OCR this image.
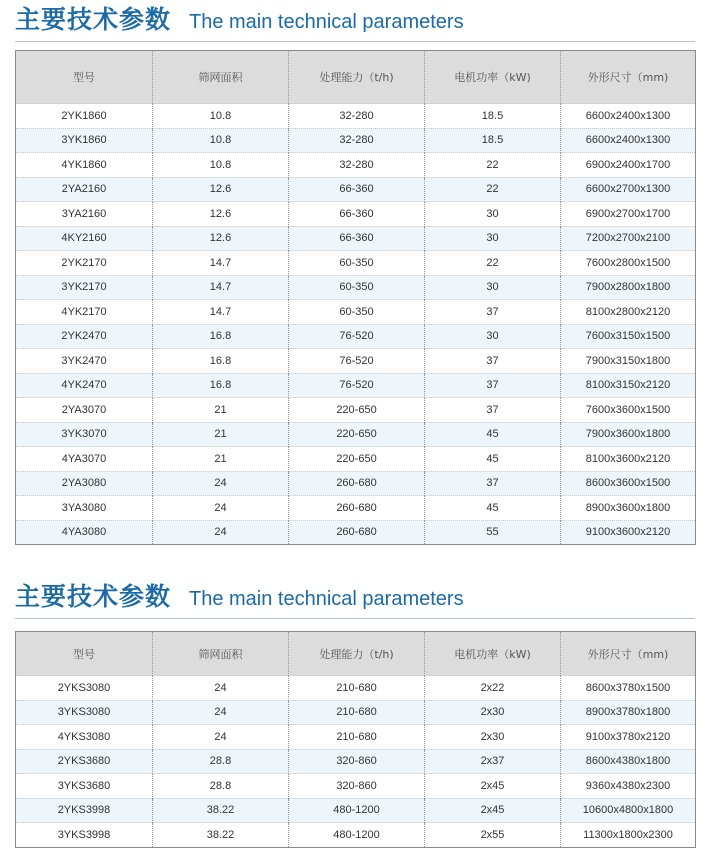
主要技术参数 The main technical parameters
型号	筛网面积	处理能力（t/h)	电机功率（kW)	外形尺寸（mm)
2YK1860	10.8	32-280	18.5	6600x2400x1300
3YK1860	10.8	32-280	18.5	6600x2400x1300
4YK1860	10.8	32-280	22	6900x2400x1700
2YA2160	12.6	66-360	22	6600x2700x1300
3YA2160	12.6	66-360	30	6900x2700x1700
4KY2160	12.6	66-360	30	7200x2700x2100
2YK2170	14.7	60-350	22	7600x2800x1500
3YK2170	14.7	60-350	30	7900x2800x1800
4YK2170	14.7	60-350	37	8100x2800x2120
2YK2470	16.8	76-520	30	7600x3150x1500
3YK2470	16.8	76-520	37	7900x3150x1800
4YK2470	16.8	76-520	37	8100x3150x2120
2YA3070	21	220-650	37	7600x3600x1500
3YK3070	21	220-650	45	7900x3600x1800
4YA3070	21	220-650	45	8100x3600x2120
2YA3080	24	260-680	37	8600x3600x1500
3YA3080	24	260-680	45	8900x3600x1800
4YA3080	24	260-680	55	9100x3600x2120
主要技术参数 The main technical parameters
型号	筛网面积	处理能力（t/h)	电机功率（kW)	外形尺寸（mm)
2YKS3080	24	210-680	2x22	8600x3780x1500
3YKS3080	24	210-680	2x30	8900x3780x1800
4YKS3080	24	210-680	2x30	9100x3780x2120
2YKS3680	28.8	320-860	2x37	8600x4380x1800
3YKS3680	28.8	320-860	2x45	9360x4380x2300
2YKS3998	38.22	480-1200	2x45	10600x4800x1800
3YKS3998	38.22	480-1200	2x55	11300x1800x2300
